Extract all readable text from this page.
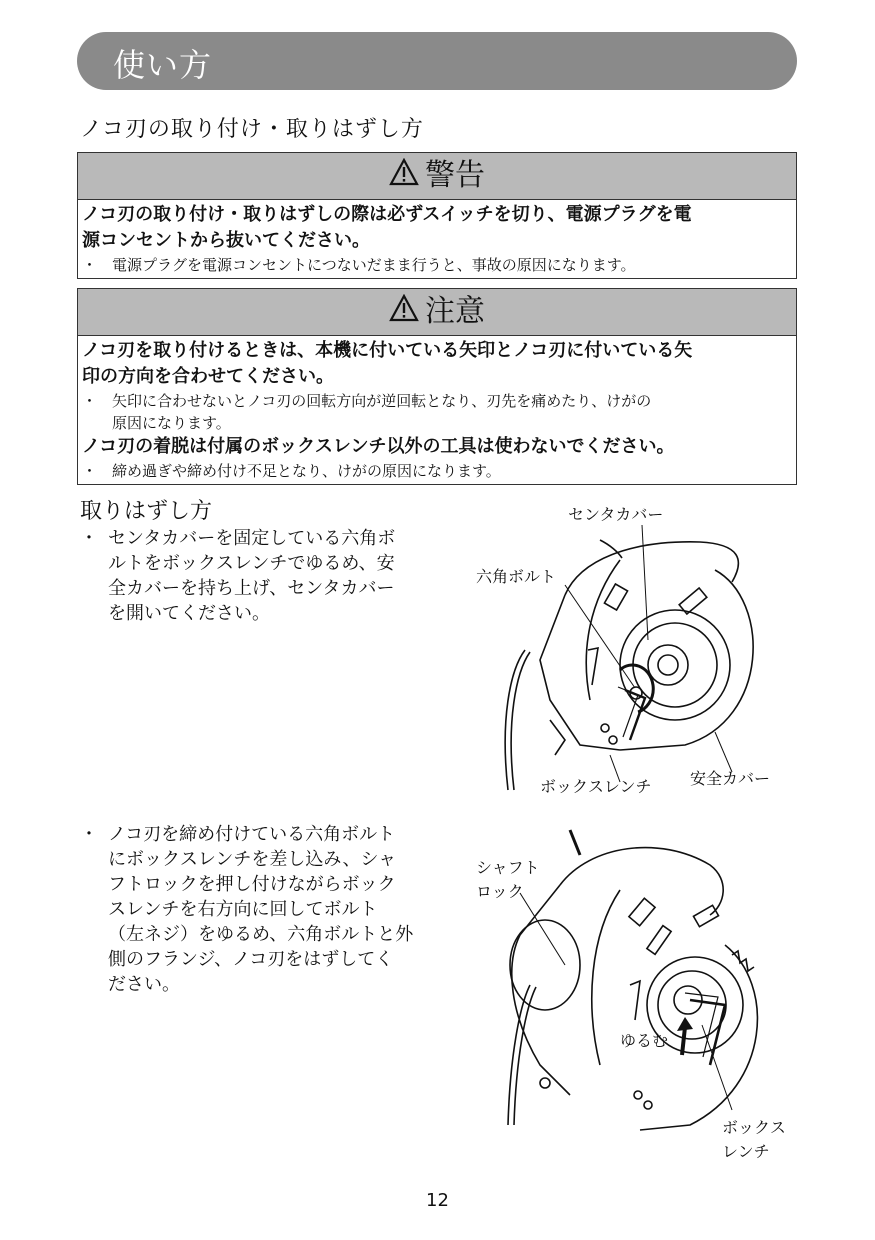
使い方
ノコ刃の取り付け・取りはずし方
警告
ノコ刃の取り付け・取りはずしの際は必ずスイッチを切り、電源プラグを電
源コンセントから抜いてください。
・ 電源プラグを電源コンセントにつないだまま行うと、事故の原因になります。
注意
ノコ刃を取り付けるときは、本機に付いている矢印とノコ刃に付いている矢
印の方向を合わせてください。
・ 矢印に合わせないとノコ刃の回転方向が逆回転となり、刃先を痛めたり、けがの
原因になります。
ノコ刃の着脱は付属のボックスレンチ以外の工具は使わないでください。
・ 締め過ぎや締め付け不足となり、けがの原因になります。
取りはずし方
・ センタカバーを固定している六角ボ
ルトをボックスレンチでゆるめ、安
全カバーを持ち上げ、センタカバー
を開いてください。
・ ノコ刃を締め付けている六角ボルト
にボックスレンチを差し込み、シャ
フトロックを押し付けながらボック
スレンチを右方向に回してボルト
（左ネジ）をゆるめ、六角ボルトと外
側のフランジ、ノコ刃をはずしてく
ださい。
センタカバー
六角ボルト
ボックスレンチ 安全カバー
シャフト
ロック
ゆるむ
ボックス
レンチ
12
